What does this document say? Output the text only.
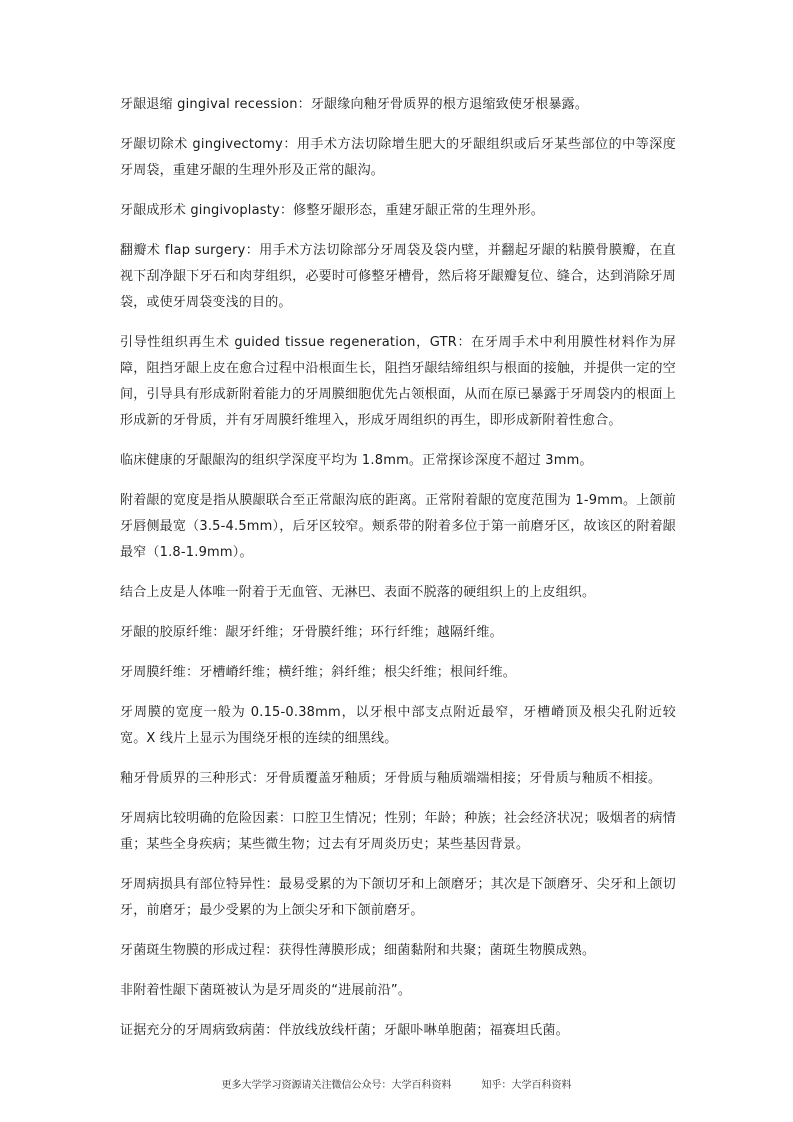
牙龈退缩 gingival recession：牙龈缘向釉牙骨质界的根方退缩致使牙根暴露。

牙龈切除术 gingivectomy：用手术方法切除增生肥大的牙龈组织或后牙某些部位的中等深度牙周袋，重建牙龈的生理外形及正常的龈沟。

牙龈成形术 gingivoplasty：修整牙龈形态，重建牙龈正常的生理外形。

翻瓣术 flap surgery：用手术方法切除部分牙周袋及袋内壁，并翻起牙龈的粘膜骨膜瓣，在直视下刮净龈下牙石和肉芽组织，必要时可修整牙槽骨，然后将牙龈瓣复位、缝合，达到消除牙周袋，或使牙周袋变浅的目的。

引导性组织再生术 guided tissue regeneration，GTR：在牙周手术中利用膜性材料作为屏障，阻挡牙龈上皮在愈合过程中沿根面生长，阻挡牙龈结缔组织与根面的接触，并提供一定的空间，引导具有形成新附着能力的牙周膜细胞优先占领根面，从而在原已暴露于牙周袋内的根面上形成新的牙骨质，并有牙周膜纤维埋入，形成牙周组织的再生，即形成新附着性愈合。

临床健康的牙龈龈沟的组织学深度平均为 1.8mm。正常探诊深度不超过 3mm。

附着龈的宽度是指从膜龈联合至正常龈沟底的距离。正常附着龈的宽度范围为 1-9mm。上颌前牙唇侧最宽（3.5-4.5mm），后牙区较窄。颊系带的附着多位于第一前磨牙区，故该区的附着龈最窄（1.8-1.9mm）。

结合上皮是人体唯一附着于无血管、无淋巴、表面不脱落的硬组织上的上皮组织。

牙龈的胶原纤维：龈牙纤维；牙骨膜纤维；环行纤维；越隔纤维。

牙周膜纤维：牙槽嵴纤维；横纤维；斜纤维；根尖纤维；根间纤维。

牙周膜的宽度一般为 0.15-0.38mm，以牙根中部支点附近最窄，牙槽嵴顶及根尖孔附近较宽。X 线片上显示为围绕牙根的连续的细黑线。

釉牙骨质界的三种形式：牙骨质覆盖牙釉质；牙骨质与釉质端端相接；牙骨质与釉质不相接。

牙周病比较明确的危险因素：口腔卫生情况；性别；年龄；种族；社会经济状况；吸烟者的病情重；某些全身疾病；某些微生物；过去有牙周炎历史；某些基因背景。

牙周病损具有部位特异性：最易受累的为下颌切牙和上颌磨牙；其次是下颌磨牙、尖牙和上颌切牙，前磨牙；最少受累的为上颌尖牙和下颌前磨牙。

牙菌斑生物膜的形成过程：获得性薄膜形成；细菌黏附和共聚；菌斑生物膜成熟。

非附着性龈下菌斑被认为是牙周炎的“进展前沿”。

证据充分的牙周病致病菌：伴放线放线杆菌；牙龈卟啉单胞菌；福赛坦氏菌。

更多大学学习资源请关注微信公众号：大学百科资料	知乎：大学百科资料
